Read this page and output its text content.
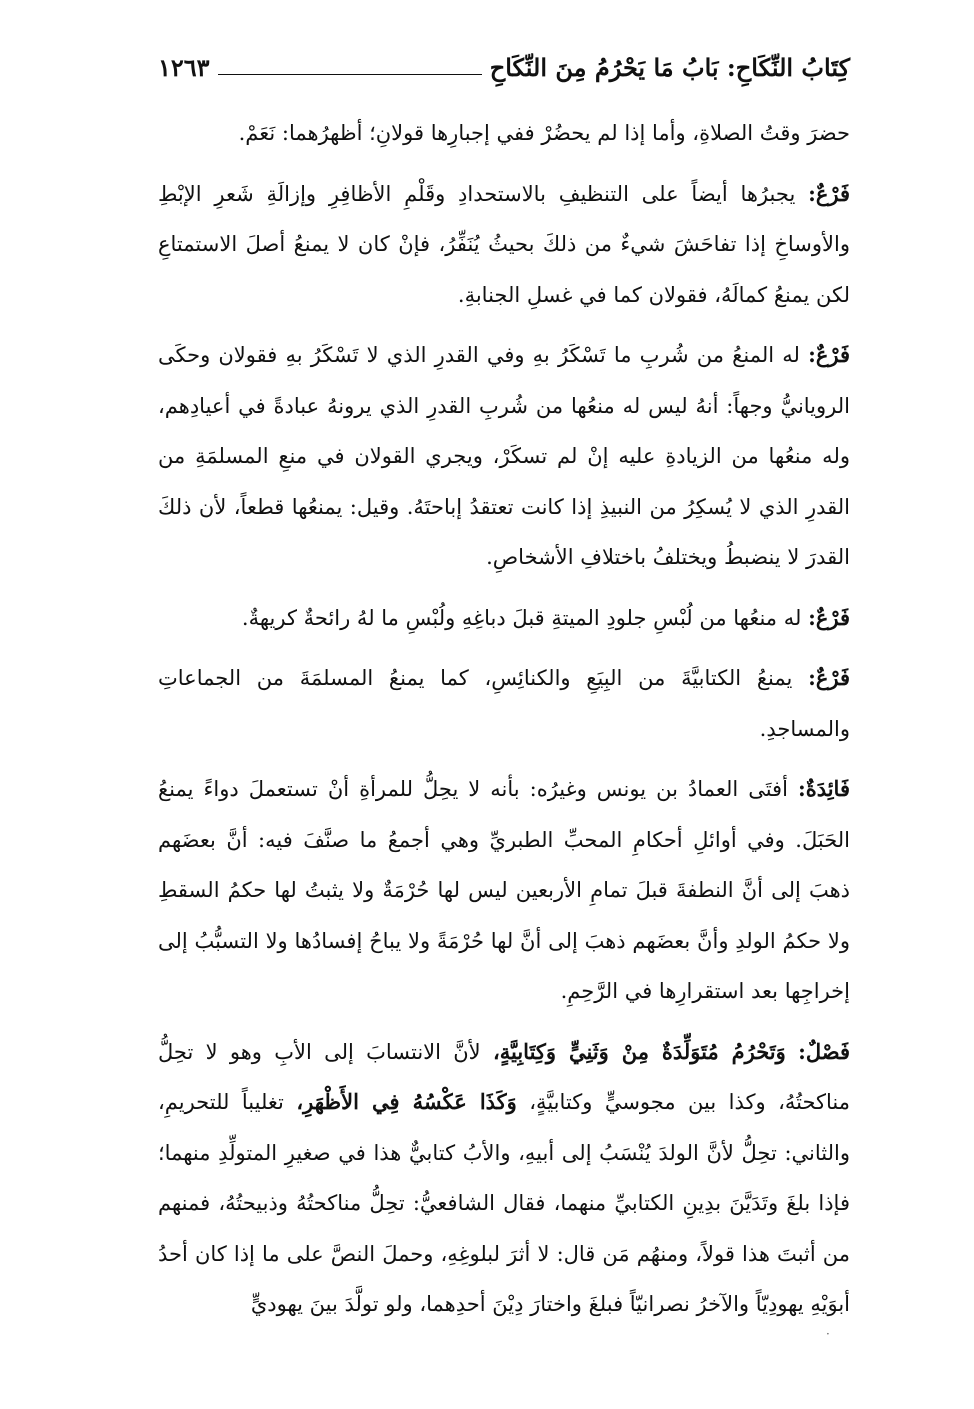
كِتَابُ النِّكَاحِ: بَابُ مَا يَحْرُمُ مِنَ النِّكَاحِ
١٢٦٣

حضرَ وقتُ الصلاةِ، وأما إذا لم يحضُرْ ففي إجبارِها قولانِ؛ أظهرُهما: نَعَمْ.

فَرْعٌ: يجبرُها أيضاً على التنظيفِ بالاستحدادِ وقَلْمِ الأظافِرِ وإزالَةِ شَعرِ الإبْطِ والأوساخِ إذا تفاحَشَ شيءٌ من ذلكَ بحيثُ يُنَفِّرُ، فإنْ كان لا يمنعُ أصلَ الاستمتاعِ لكن يمنعُ كمالَهُ، فقولان كما في غسلِ الجنابةِ.

فَرْعٌ: له المنعُ من شُربِ ما تَسْكَرُ بهِ وفي القدرِ الذي لا تَسْكَرُ بهِ فقولان وحكَى الرويانيُّ وجهاً: أنهُ ليس له منعُها من شُربِ القدرِ الذي يرونهُ عبادةً في أعيادِهم، وله منعُها من الزيادةِ عليه إنْ لم تسكَرْ، ويجري القولان في منعِ المسلمَةِ من القدرِ الذي لا يُسكِرُ من النبيذِ إذا كانت تعتقدُ إباحتَهُ. وقيل: يمنعُها قطعاً، لأن ذلكَ القدرَ لا ينضبطُ ويختلفُ باختلافِ الأشخاصِ.

فَرْعٌ: له منعُها من لُبْسِ جلودِ الميتةِ قبلَ دباغِهِ ولُبْسِ ما لهُ رائحةٌ كريهةٌ.

فَرْعٌ: يمنعُ الكتابيَّةَ من البِيَعِ والكنائِسِ، كما يمنعُ المسلمَةَ من الجماعاتِ والمساجدِ.

فَائِدَةٌ: أفتَى العمادُ بن يونس وغيرُه: بأنه لا يحِلُّ للمرأةِ أنْ تستعملَ دواءً يمنعُ الحَبَلَ. وفي أوائلِ أحكامِ المحبِّ الطبريِّ وهي أجمعُ ما صنَّفَ فيه: أنَّ بعضَهم ذهبَ إلى أنَّ النطفةَ قبلَ تمامِ الأربعين ليس لها حُرْمَةٌ ولا يثبتُ لها حكمُ السقطِ ولا حكمُ الولدِ وأنَّ بعضَهم ذهبَ إلى أنَّ لها حُرْمَةً ولا يباحُ إفسادُها ولا التسبُّبُ إلى إخراجِها بعد استقرارِها في الرَّحِمِ.

فَصْلٌ: وَتَحْرُمُ مُتَوَلِّدَةٌ مِنْ وَثَنِيٍّ وَكِتَابِيَّةٍ، لأنَّ الانتسابَ إلى الأبِ وهو لا تحِلُّ مناكحتُهُ، وكذا بين مجوسيٍّ وكتابيَّةٍ، وَكَذَا عَكْسُهُ فِي الأَظْهَرِ، تغليباً للتحريمِ، والثاني: تحِلُّ لأنَّ الولدَ يُنْسَبُ إلى أبيهِ، والأبُ كتابيٌّ هذا في صغيرِ المتولِّدِ منهما؛ فإذا بلغَ وتَدَيَّنَ بدِينِ الكتابيِّ منهما، فقال الشافعيُّ: تحِلُّ مناكحتُهُ وذبيحتُهُ، فمنهم من أثبتَ هذا قولاً، ومنهُم مَن قال: لا أثرَ لبلوغِهِ، وحملَ النصَّ على ما إذا كان أحدُ أبوَيْهِ يهودِيّاً والآخرُ نصرانيّاً فبلغَ واختارَ دِيْنَ أحدِهما، ولو تولَّدَ بينَ يهوديٍّ

·
